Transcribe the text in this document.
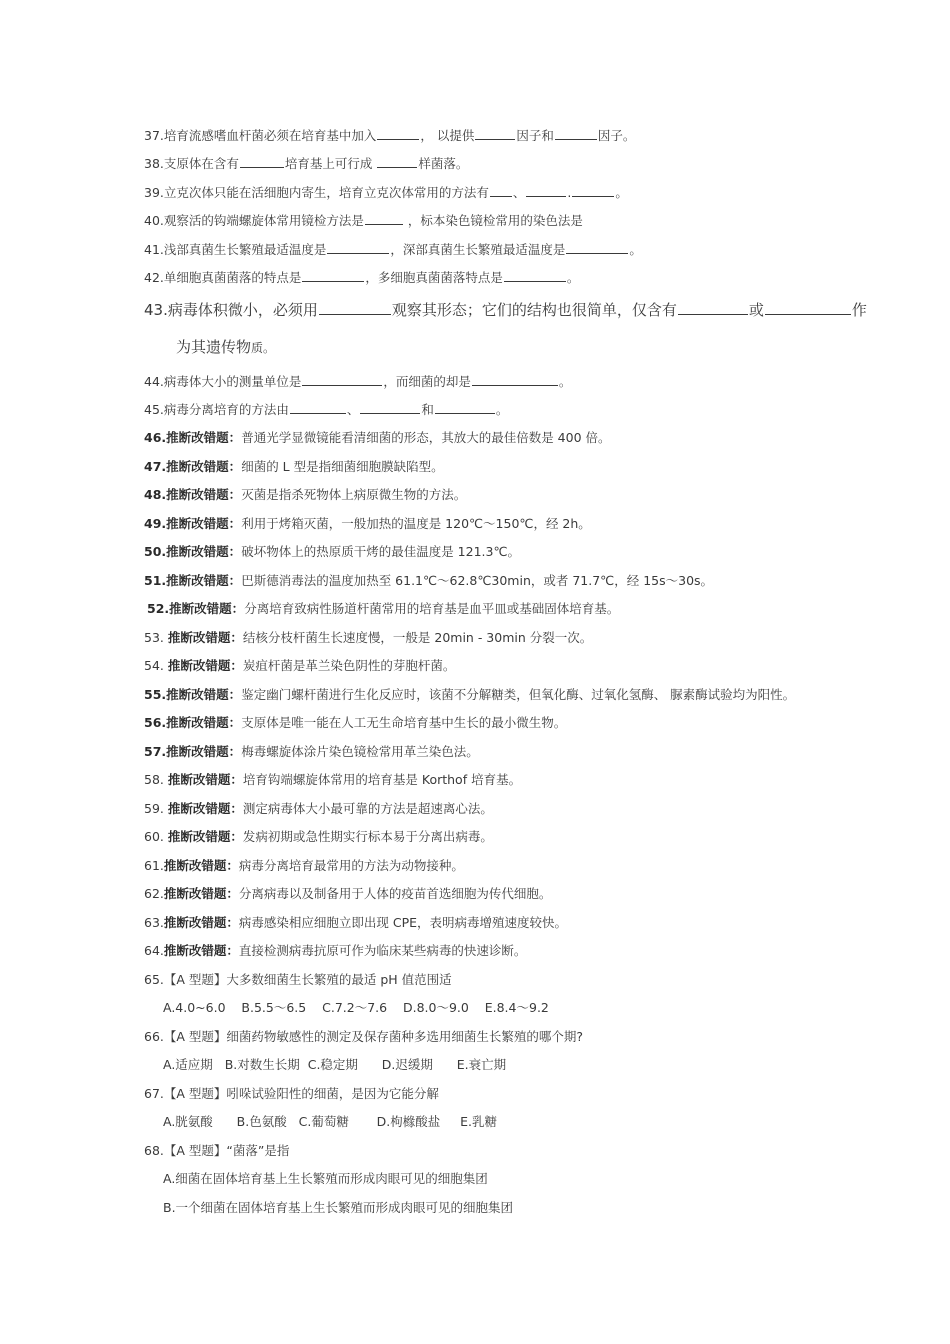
37.培育流感嗜血杆菌必须在培育基中加入	， 以提供	因子和	因子。
38.支原体在含有	培育基上可行成	样菌落。
39.立克次体只能在活细胞内寄生，培育立克次体常用的方法有 、	.	。
40.观察活的钩端螺旋体常用镜检方法是	，标本染色镜检常用的染色法是
41.浅部真菌生长繁殖最适温度是	，深部真菌生长繁殖最适温度是	。
42.单细胞真菌菌落的特点是	，多细胞真菌菌落特点是	。
43.病毒体积微小，必须用	观察其形态；它们的结构也很简单，仅含有	或	作
为其遗传物质。
44.病毒体大小的测量单位是	，而细菌的却是	。
45.病毒分离培育的方法由	、	和	。
46.推断改错题：普通光学显微镜能看清细菌的形态，其放大的最佳倍数是 400 倍。
47.推断改错题：细菌的 L 型是指细菌细胞膜缺陷型。
48.推断改错题：灭菌是指杀死物体上病原微生物的方法。
49.推断改错题：利用于烤箱灭菌，一般加热的温度是 120℃～150℃，经 2h。
50.推断改错题：破坏物体上的热原质干烤的最佳温度是 121.3℃。
51.推断改错题：巴斯德消毒法的温度加热至 61.1℃～62.8℃30min，或者 71.7℃，经 15s～30s。
52.推断改错题：分离培育致病性肠道杆菌常用的培育基是血平皿或基础固体培育基。
53. 推断改错题：结核分枝杆菌生长速度慢，一般是 20min - 30min 分裂一次。
54. 推断改错题：炭疽杆菌是革兰染色阴性的芽胞杆菌。
55.推断改错题：鉴定幽门螺杆菌进行生化反应时，该菌不分解糖类，但氧化酶、过氧化氢酶、 脲素酶试验均为阳性。
56.推断改错题：支原体是唯一能在人工无生命培育基中生长的最小微生物。
57.推断改错题：梅毒螺旋体涂片染色镜检常用革兰染色法。
58. 推断改错题：培育钩端螺旋体常用的培育基是 Korthof 培育基。
59. 推断改错题：测定病毒体大小最可靠的方法是超速离心法。
60. 推断改错题：发病初期或急性期实行标本易于分离出病毒。
61.推断改错题：病毒分离培育最常用的方法为动物接种。
62.推断改错题：分离病毒以及制备用于人体的疫苗首选细胞为传代细胞。
63.推断改错题：病毒感染相应细胞立即出现 CPE，表明病毒增殖速度较快。
64.推断改错题：直接检测病毒抗原可作为临床某些病毒的快速诊断。
65.【A 型题】大多数细菌生长繁殖的最适 pH 值范围适
A.4.0~6.0    B.5.5～6.5    C.7.2～7.6    D.8.0～9.0    E.8.4～9.2
66.【A 型题】细菌药物敏感性的测定及保存菌种多选用细菌生长繁殖的哪个期?
A.适应期   B.对数生长期  C.稳定期      D.迟缓期      E.衰亡期
67.【A 型题】吲哚试验阳性的细菌，是因为它能分解
A.胱氨酸      B.色氨酸   C.葡萄糖       D.枸橼酸盐     E.乳糖
68.【A 型题】“菌落”是指
A.细菌在固体培育基上生长繁殖而形成肉眼可见的细胞集团
B.一个细菌在固体培育基上生长繁殖而形成肉眼可见的细胞集团
